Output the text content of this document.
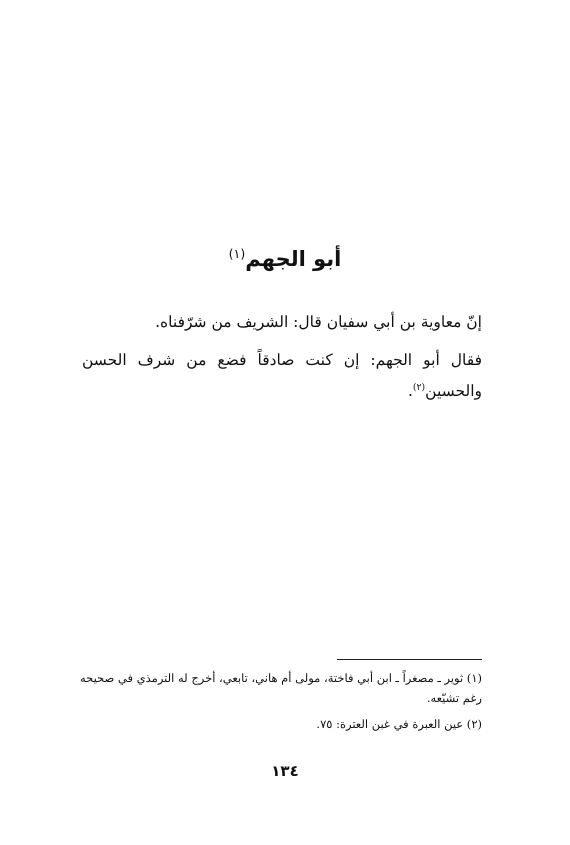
أبو الجهم$^{(١)}$

إنّ معاوية بن أبي سفيان قال: الشريف من شرّفناه.

فقال أبو الجهم: إن كنت صادقاً فضع من شرف الحسن والحسين$^{(٢)}$.

(١) ثوير ـ مصغراً ـ ابن أبي فاختة، مولى أم هاني، تابعي، أخرج له الترمذي في صحيحه رغم تشيّعه.

(٢) عين العبرة في غبن العترة: ٧٥.

١٣٤
